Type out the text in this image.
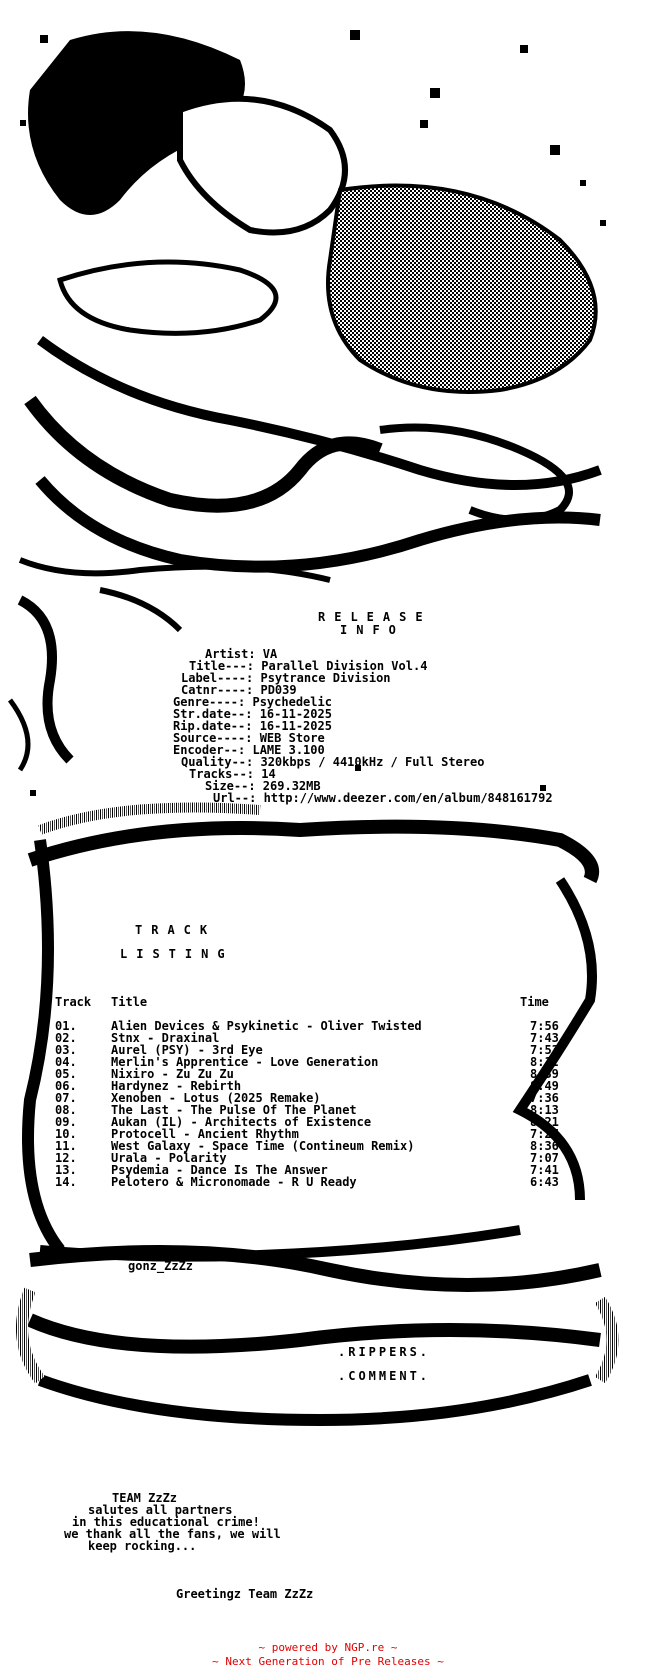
RELEASE
INFO
Artist: VA
Title---: Parallel Division Vol.4
Label----: Psytrance Division
Catnr----: PD039
Genre----: Psychedelic
Str.date--: 16-11-2025
Rip.date--: 16-11-2025
Source----: WEB Store
Encoder--: LAME 3.100
Quality--: 320kbps / 4410kHz / Full Stereo
Tracks--: 14
Size--: 269.32MB
Url--: http://www.deezer.com/en/album/848161792
TRACK
LISTING
Track Title	Time
01.	Alien Devices & Psykinetic - Oliver Twisted	7:56
02.	Stnx - Draxinal	7:43
03.	Aurel (PSY) - 3rd Eye	7:53
04.	Merlin's Apprentice - Love Generation	8:12
05.	Nixiro - Zu Zu Zu	8:39
06.	Hardynez - Rebirth	8:49
07.	Xenoben - Lotus (2025 Remake)	7:36
08.	The Last - The Pulse Of The Planet	8:13
09.	Aukan (IL) - Architects of Existence	8:21
10.	Protocell - Ancient Rhythm	7:27
11.	West Galaxy - Space Time (Contineum Remix)	8:36
12.	Urala - Polarity	7:07
13.	Psydemia - Dance Is The Answer	7:41
14.	Pelotero & Micronomade - R U Ready	6:43
ASCii by
gonz_ZzZz
.RIPPERS.
.COMMENT.
TEAM ZzZz
salutes all partners
in this educational crime!
we thank all the fans, we will
keep rocking...
Greetingz Team ZzZz
~ powered by NGP.re ~
~ Next Generation of Pre Releases ~
